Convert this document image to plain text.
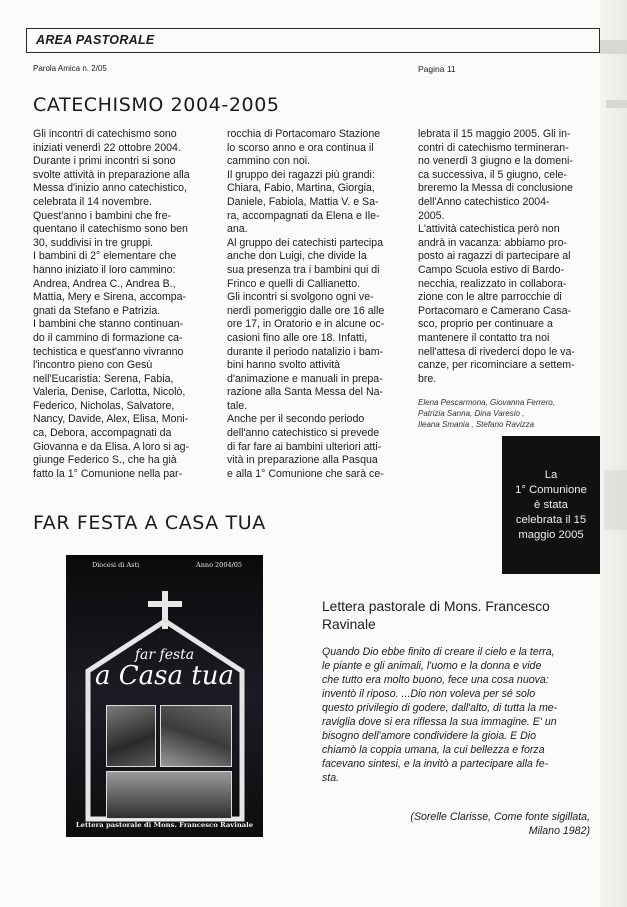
AREA PASTORALE
Parola Amica n. 2/05	Pagina 11
CATECHISMO 2004-2005
Gli incontri di catechismo sono
iniziati venerdì 22 ottobre 2004.
Durante i primi incontri si sono
svolte attività in preparazione alla
Messa d'inizio anno catechistico,
celebrata il 14 novembre.
Quest'anno i bambini che fre-
quentano il catechismo sono ben
30, suddivisi in tre gruppi.
I bambini di 2° elementare che
hanno iniziato il loro cammino:
Andrea, Andrea C., Andrea B.,
Mattia, Mery e Sirena, accompa-
gnati da Stefano e Patrizia.
I bambini che stanno continuan-
do il cammino di formazione ca-
techistica e quest'anno vivranno
l'incontro pieno con Gesù
nell'Eucaristia: Serena, Fabia,
Valeria, Denise, Carlotta, Nicolò,
Federico, Nicholas, Salvatore,
Nancy, Davide, Alex, Elisa, Moni-
ca, Debora, accompagnati da
Giovanna e da Elisa. A loro si ag-
giunge Federico S., che ha già
fatto la 1° Comunione nella par-
rocchia di Portacomaro Stazione
lo scorso anno e ora continua il
cammino con noi.
Il gruppo dei ragazzi più grandi:
Chiara, Fabio, Martina, Giorgia,
Daniele, Fabiola, Mattia V. e Sa-
ra, accompagnati da Elena e Ile-
ana.
Al gruppo dei catechisti partecipa
anche don Luigi, che divide la
sua presenza tra i bambini qui di
Frinco e quelli di Callianetto.
Gli incontri si svolgono ogni ve-
nerdì pomeriggio dalle ore 16 alle
ore 17, in Oratorio e in alcune oc-
casioni fino alle ore 18. Infatti,
durante il periodo natalizio i bam-
bini hanno svolto attività
d'animazione e manuali in prepa-
razione alla Santa Messa del Na-
tale.
Anche per il secondo periodo
dell'anno catechistico si prevede
di far fare ai bambini ulteriori atti-
vità in preparazione alla Pasqua
e alla 1° Comunione che sarà ce-
lebrata il 15 maggio 2005. Gli in-
contri di catechismo termineran-
no venerdì 3 giugno e la domeni-
ca successiva, il 5 giugno, cele-
breremo la Messa di conclusione
dell'Anno catechistico 2004-
2005.
L'attività catechistica però non
andrà in vacanza: abbiamo pro-
posto ai ragazzi di partecipare al
Campo Scuola estivo di Bardo-
necchia, realizzato in collabora-
zione con le altre parrocchie di
Portacomaro e Camerano Casa-
sco, proprio per continuare a
mantenere il contatto tra noi
nell'attesa di rivederci dopo le va-
canze, per ricominciare a settem-
bre.
Elena Pescarmona, Giovanna Ferrero,
Patrizia Sanna, Dina Varesio ,
Ileana Smania , Stefano Ravizza
La
1° Comunione
è stata
celebrata il 15
maggio 2005
FAR FESTA A CASA TUA
Diocesi di Asti	Anno 2004/05
far festa
a Casa tua
Lettera pastorale di Mons. Francesco Ravinale
Lettera pastorale di Mons. Francesco
Ravinale
Quando Dio ebbe finito di creare il cielo e la terra,
le piante e gli animali, l'uomo e la donna e vide
che tutto era molto buono, fece una cosa nuova:
inventò il riposo. ...Dio non voleva per sé solo
questo privilegio di godere, dall'alto, di tutta la me-
raviglia dove si era riflessa la sua immagine. E' un
bisogno dell'amore condividere la gioia. E Dio
chiamò la coppia umana, la cui bellezza e forza
facevano sintesi, e la invitò a partecipare alla fe-
sta.
(Sorelle Clarisse, Come fonte sigillata,
Milano 1982)
